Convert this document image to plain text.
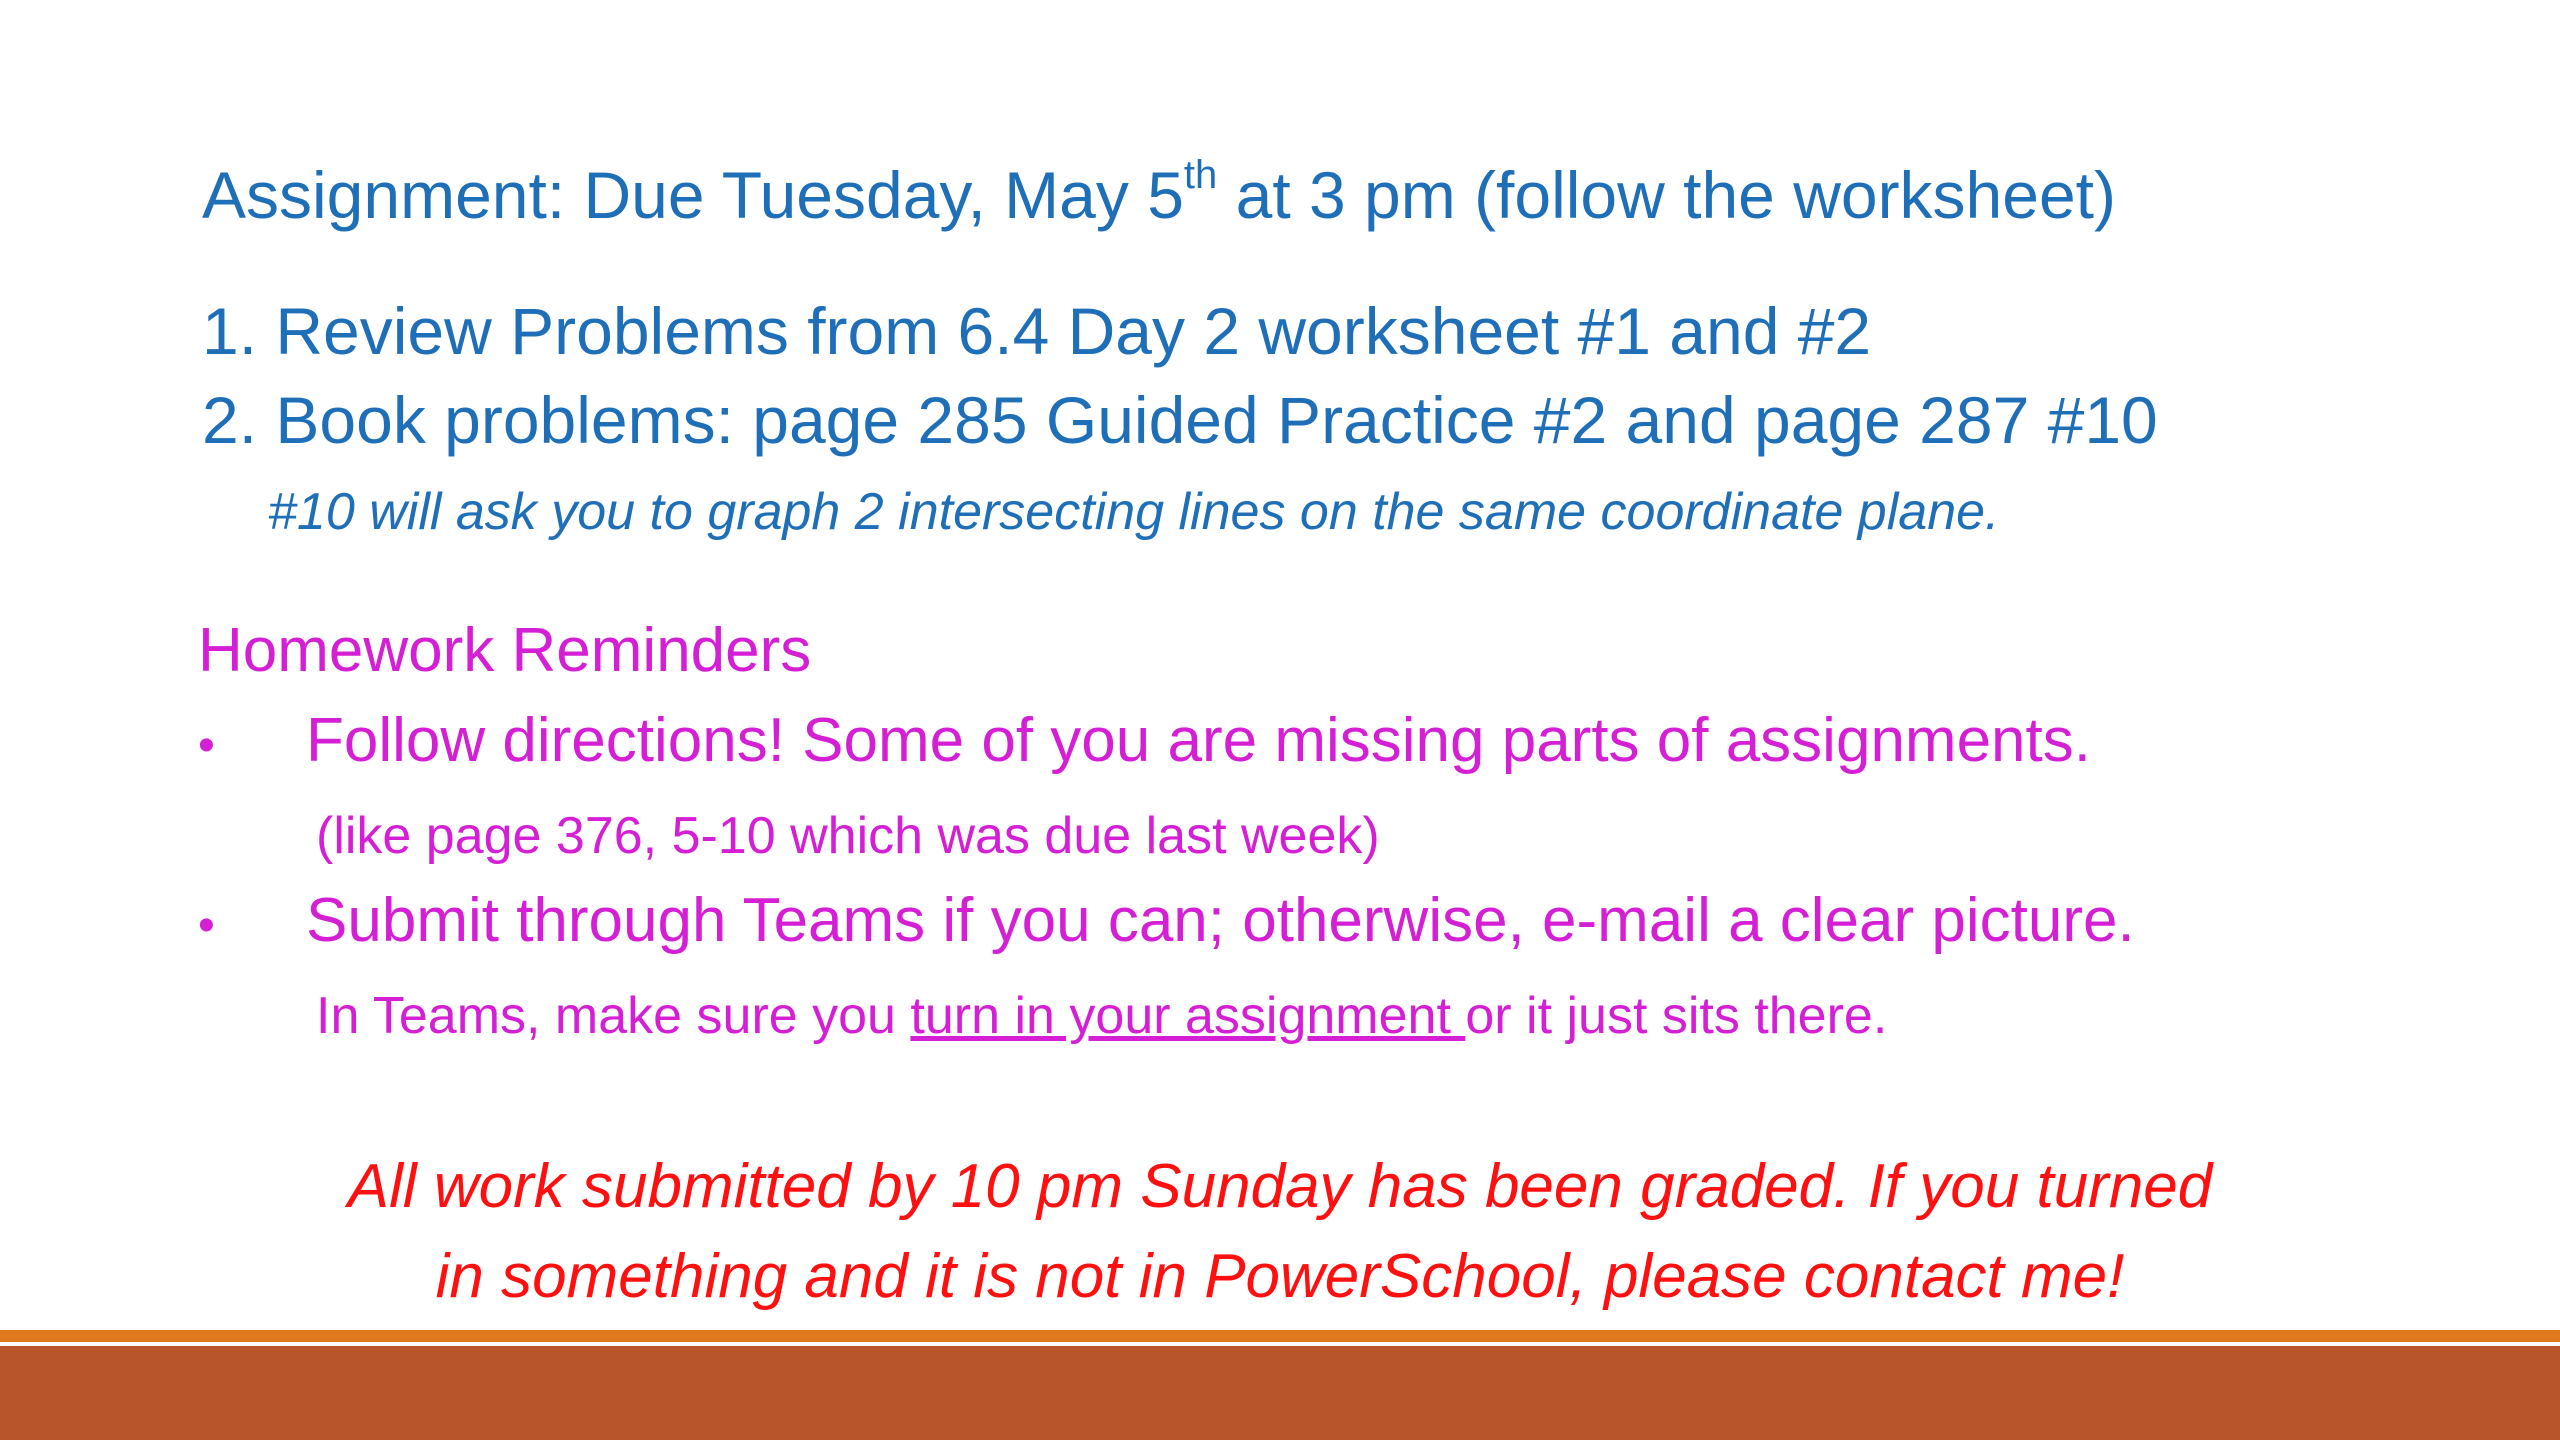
Assignment: Due Tuesday, May 5th at 3 pm (follow the worksheet)
1. Review Problems from 6.4 Day 2 worksheet #1 and #2
2. Book problems: page 285 Guided Practice #2 and page 287 #10
#10 will ask you to graph 2 intersecting lines on the same coordinate plane.
Homework Reminders
• Follow directions! Some of you are missing parts of assignments.
(like page 376, 5-10 which was due last week)
• Submit through Teams if you can; otherwise, e-mail a clear picture.
In Teams, make sure you turn in your assignment or it just sits there.
All work submitted by 10 pm Sunday has been graded. If you turned
in something and it is not in PowerSchool, please contact me!
